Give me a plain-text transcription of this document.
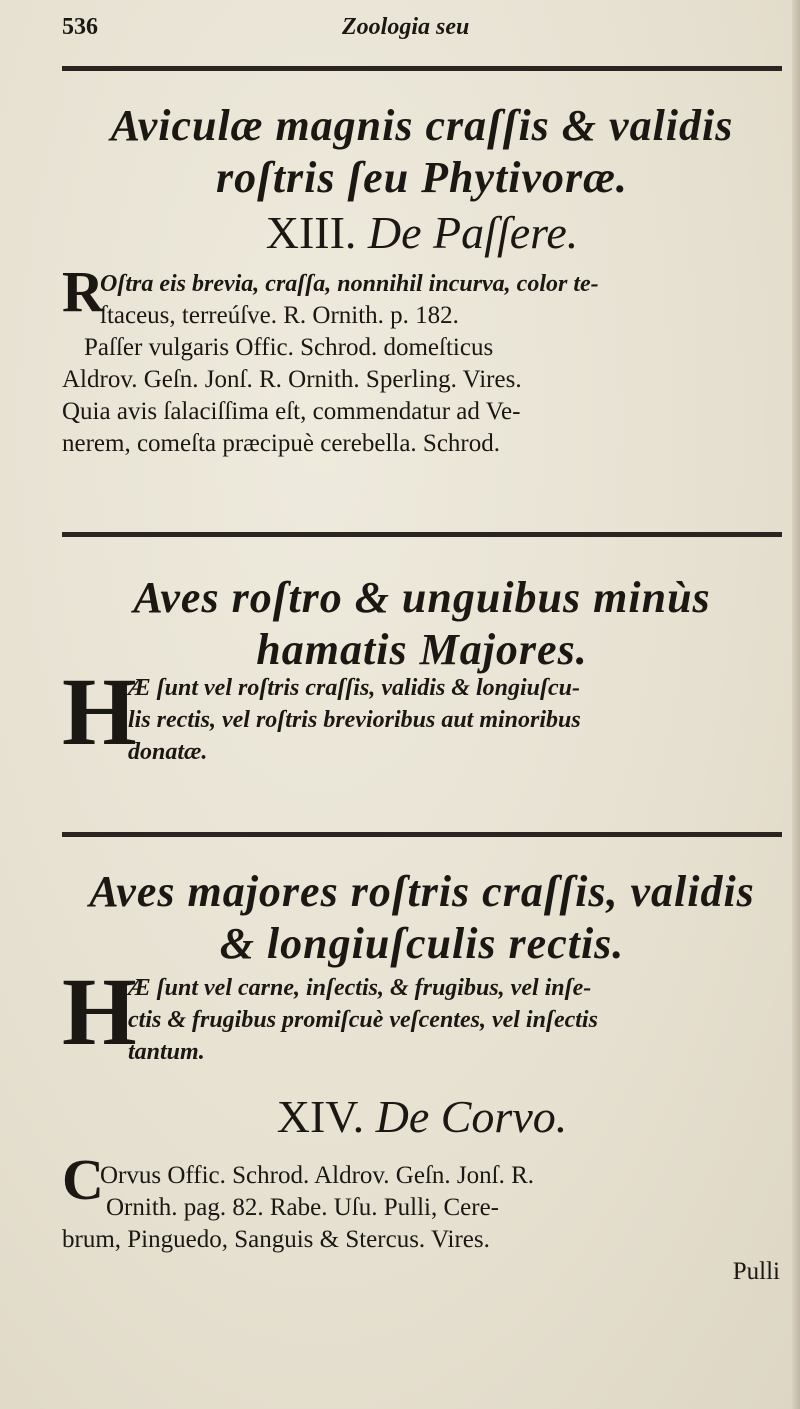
536	Zoologia seu
Aviculæ magnis craſſis & validis
roſtris ſeu Phytivoræ.
XIII. De Paſſere.
R
Oſtra eis brevia, craſſa, nonnihil incurva, color te-
ſtaceus, terreúſve. R. Ornith. p. 182.
Paſſer vulgaris Offic. Schrod. domeſticus
Aldrov. Geſn. Jonſ. R. Ornith. Sperling. Vires.
Quia avis ſalaciſſima eſt, commendatur ad Ve-
nerem, comeſta præcipuè cerebella. Schrod.
Aves roſtro & unguibus minùs
hamatis Majores.
H
Æ ſunt vel roſtris craſſis, validis & longiuſcu-
lis rectis, vel roſtris brevioribus aut minoribus
donatæ.
Aves majores roſtris craſſis, validis
& longiuſculis rectis.
H
Æ ſunt vel carne, inſectis, & frugibus, vel inſe-
ctis & frugibus promiſcuè veſcentes, vel inſectis
tantum.
XIV. De Corvo.
C
Orvus Offic. Schrod. Aldrov. Geſn. Jonſ. R.
Ornith. pag. 82. Rabe. Uſu. Pulli, Cere-
brum, Pinguedo, Sanguis & Stercus. Vires.
Pulli
